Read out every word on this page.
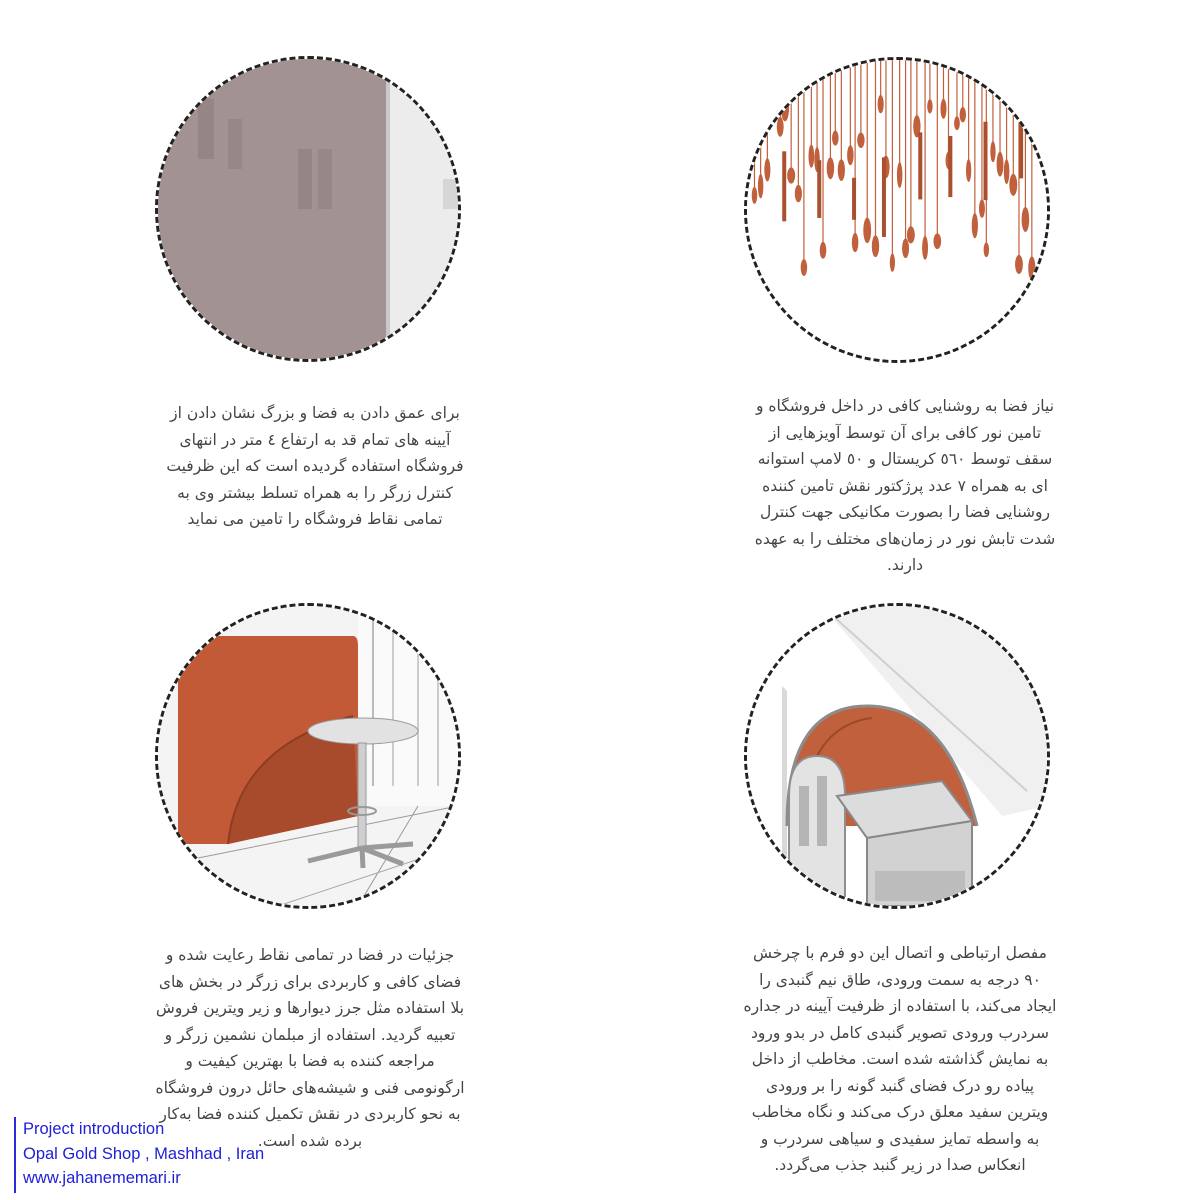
برای عمق دادن به فضا و بزرگ نشان دادن از

آیینه های تمام قد به ارتفاع ٤ متر در انتهای

فروشگاه استفاده گردیده است که این ظرفیت

کنترل زرگر را به همراه تسلط بیشتر وی به

تمامی نقاط فروشگاه را تامین می نماید

نیاز فضا به روشنایی کافی در داخل فروشگاه و

تامین نور کافی برای آن توسط آویزهایی از

سقف توسط ٥٦٠ کریستال و ٥٠ لامپ استوانه

ای به همراه ۷ عدد پرژکتور نقش تامین کننده

روشنایی فضا را بصورت مکانیکی جهت کنترل

شدت تابش نور در زمان‌های مختلف را به عهده

دارند.

جزئیات در فضا در تمامی نقاط رعایت شده و

فضای کافی و کاربردی برای زرگر در بخش های

بلا استفاده مثل جرز دیوارها و زیر ویترین فروش

تعبیه گردید. استفاده از مبلمان نشمین زرگر و

مراجعه کننده به فضا با بهترین کیفیت و

ارگونومی فنی و شیشه‌های حائل درون فروشگاه

به نحو کاربردی در نقش تکمیل کننده فضا به‌کار

برده شده است.

مفصل ارتباطی و اتصال این دو فرم با چرخش

۹۰ درجه به سمت ورودی، طاق نیم گنبدی را

ایجاد می‌کند، با استفاده از ظرفیت آیینه در جداره

سردرب ورودی تصویر گنبدی کامل در بدو ورود

به نمایش گذاشته شده است. مخاطب از داخل

پیاده رو درک فضای گنبد گونه را بر ورودی

ویترین سفید معلق درک می‌کند و نگاه مخاطب

به واسطه تمایز سفیدی و سیاهی سردرب و

انعکاس صدا در زیر گنبد جذب می‌گردد.

Project introduction
Opal Gold Shop , Mashhad , Iran
www.jahanememari.ir
